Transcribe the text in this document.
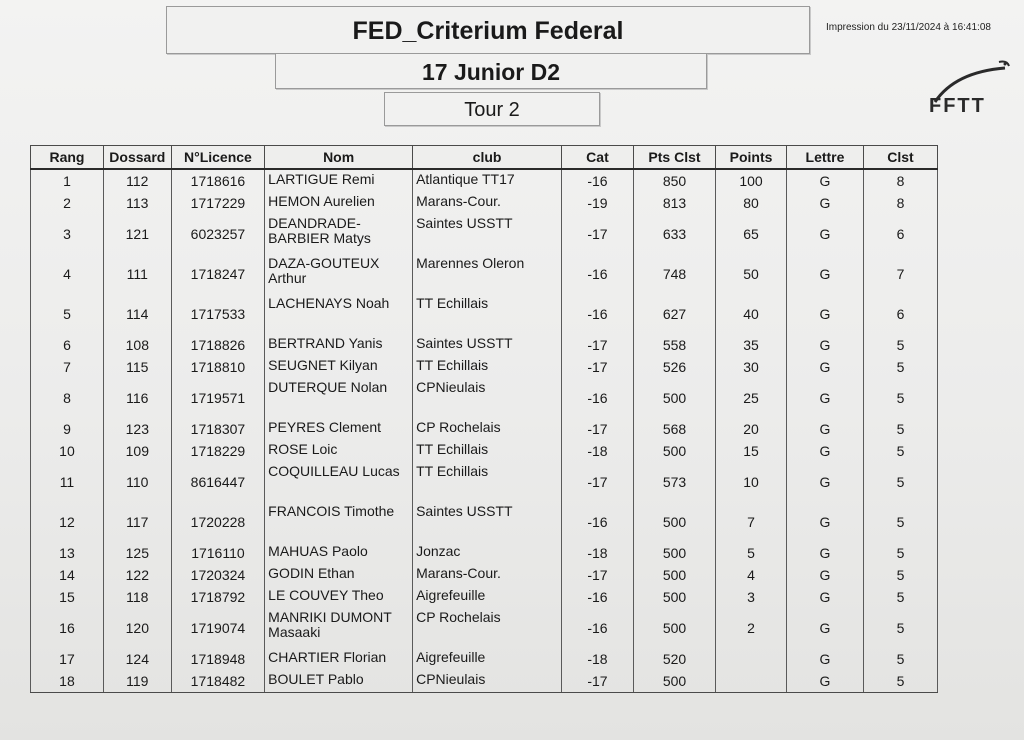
FED_Criterium Federal
17 Junior D2
Tour 2
Impression du 23/11/2024 à 16:41:08
FFTT
Rang	Dossard	N°Licence	Nom	club	Cat	Pts Clst	Points	Lettre	Clst
1	112	1718616	LARTIGUE Remi	Atlantique TT17	-16	850	100	G	8
2	113	1717229	HEMON Aurelien	Marans-Cour.	-19	813	80	G	8
3	121	6023257	DEANDRADE-BARBIER Matys	Saintes USSTT	-17	633	65	G	6
4	111	1718247	DAZA-GOUTEUX Arthur	Marennes Oleron	-16	748	50	G	7
5	114	1717533	LACHENAYS Noah	TT Echillais	-16	627	40	G	6
6	108	1718826	BERTRAND Yanis	Saintes USSTT	-17	558	35	G	5
7	115	1718810	SEUGNET Kilyan	TT Echillais	-17	526	30	G	5
8	116	1719571	DUTERQUE Nolan	CPNieulais	-16	500	25	G	5
9	123	1718307	PEYRES Clement	CP Rochelais	-17	568	20	G	5
10	109	1718229	ROSE Loic	TT Echillais	-18	500	15	G	5
11	110	8616447	COQUILLEAU Lucas	TT Echillais	-17	573	10	G	5
12	117	1720228	FRANCOIS Timothe	Saintes USSTT	-16	500	7	G	5
13	125	1716110	MAHUAS Paolo	Jonzac	-18	500	5	G	5
14	122	1720324	GODIN Ethan	Marans-Cour.	-17	500	4	G	5
15	118	1718792	LE COUVEY Theo	Aigrefeuille	-16	500	3	G	5
16	120	1719074	MANRIKI DUMONT Masaaki	CP Rochelais	-16	500	2	G	5
17	124	1718948	CHARTIER Florian	Aigrefeuille	-18	520		G	5
18	119	1718482	BOULET Pablo	CPNieulais	-17	500		G	5
